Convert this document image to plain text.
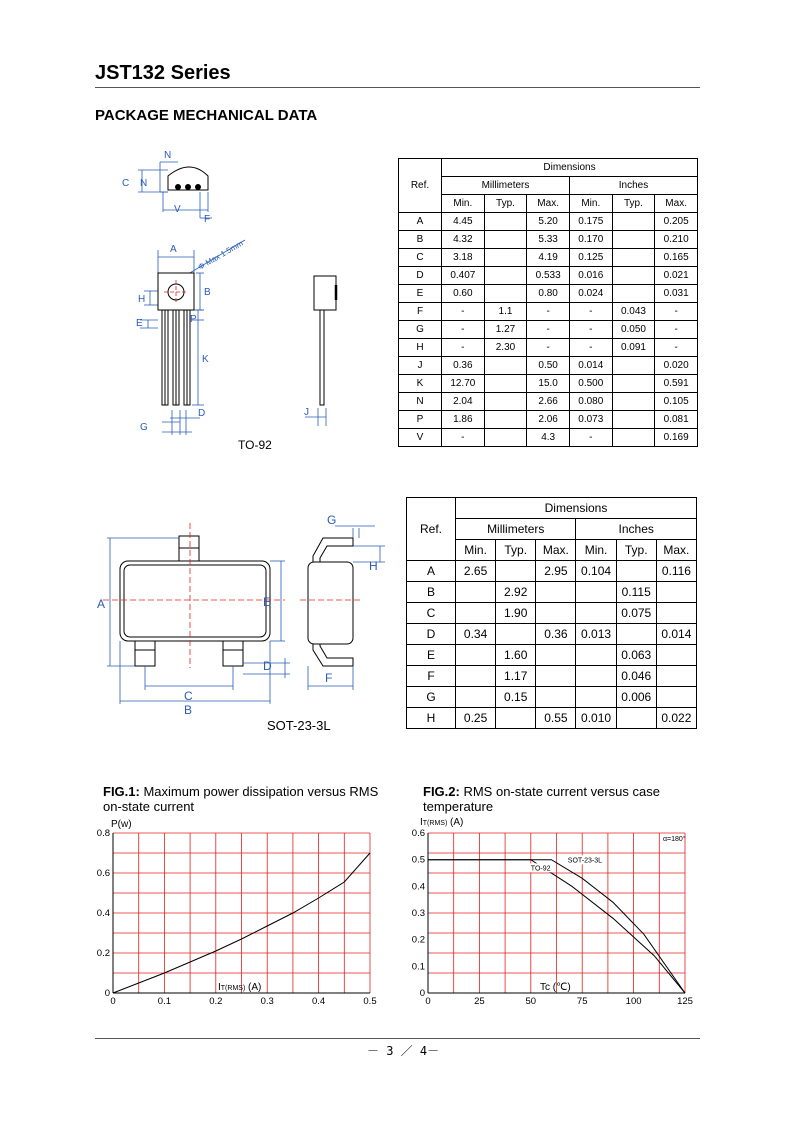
JST132 Series
PACKAGE MECHANICAL DATA
N
C N
V
F
A
B
H
E	P
K
G
D	J
Φ Max 1.5mm
TO-92
Ref.	Dimensions					
	Millimeters			Inches		
	Min.	Typ.	Max.	Min.	Typ.	Max.
A	4.45		5.20	0.175		0.205
B	4.32		5.33	0.170		0.210
C	3.18		4.19	0.125		0.165
D	0.407		0.533	0.016		0.021
E	0.60		0.80	0.024		0.031
F	-	1.1	-	-	0.043	-
G	-	1.27	-	-	0.050	-
H	-	2.30	-	-	0.091	-
J	0.36		0.50	0.014		0.020
K	12.70		15.0	0.500		0.591
N	2.04		2.66	0.080		0.105
P	1.86		2.06	0.073		0.081
V	-		4.3	-		0.169
A
C
B
D
E
F
G
H
SOT-23-3L
Ref.	Dimensions					
	Millimeters			Inches		
	Min.	Typ.	Max.	Min.	Typ.	Max.
A	2.65		2.95	0.104		0.116
B		2.92			0.115	
C		1.90			0.075	
D	0.34		0.36	0.013		0.014
E		1.60			0.063	
F		1.17			0.046	
G		0.15			0.006	
H	0.25		0.55	0.010		0.022
FIG.1: Maximum power dissipation versus RMS on-state current
FIG.2: RMS on-state current versus case temperature
0	0.1	0.2	0.3	0.4	0.5
0
0.2
0.4
0.6
0.8
P(w)
IT(RMS) (A)
0	25	50	75	100	125
0
0.1
0.2
0.3
0.4
0.5
0.6
IT(RMS) (A)
Tc (℃)
α=180°
TO-92
SOT-23-3L
－ 3 ／ 4－
